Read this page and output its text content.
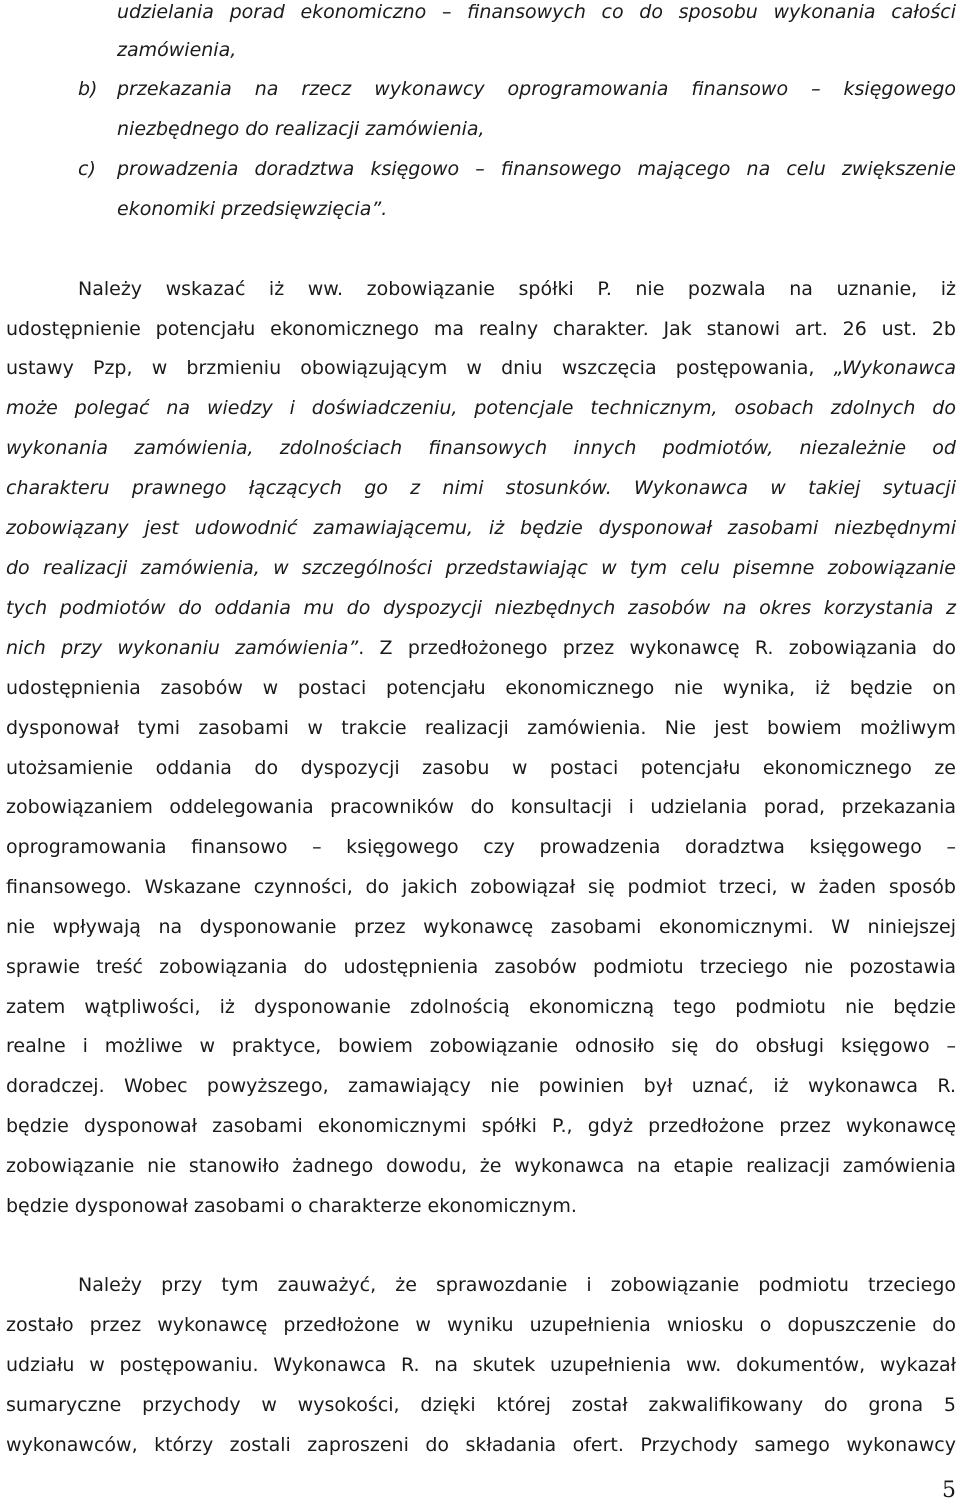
udzielania porad ekonomiczno – finansowych co do sposobu wykonania całości
zamówienia,
b)	przekazania na rzecz wykonawcy oprogramowania finansowo – księgowego
niezbędnego do realizacji zamówienia,
c)	prowadzenia doradztwa księgowo – finansowego mającego na celu zwiększenie
ekonomiki przedsięwzięcia”.
Należy wskazać iż ww. zobowiązanie spółki P. nie pozwala na uznanie, iż
udostępnienie potencjału ekonomicznego ma realny charakter. Jak stanowi art. 26 ust. 2b
ustawy Pzp, w brzmieniu obowiązującym w dniu wszczęcia postępowania, „Wykonawca
może polegać na wiedzy i doświadczeniu, potencjale technicznym, osobach zdolnych do
wykonania zamówienia, zdolnościach finansowych innych podmiotów, niezależnie od
charakteru prawnego łączących go z nimi stosunków. Wykonawca w takiej sytuacji
zobowiązany jest udowodnić zamawiającemu, iż będzie dysponował zasobami niezbędnymi
do realizacji zamówienia, w szczególności przedstawiając w tym celu pisemne zobowiązanie
tych podmiotów do oddania mu do dyspozycji niezbędnych zasobów na okres korzystania z
nich przy wykonaniu zamówienia”. Z przedłożonego przez wykonawcę R. zobowiązania do
udostępnienia zasobów w postaci potencjału ekonomicznego nie wynika, iż będzie on
dysponował tymi zasobami w trakcie realizacji zamówienia. Nie jest bowiem możliwym
utożsamienie oddania do dyspozycji zasobu w postaci potencjału ekonomicznego ze
zobowiązaniem oddelegowania pracowników do konsultacji i udzielania porad, przekazania
oprogramowania finansowo – księgowego czy prowadzenia doradztwa księgowego –
finansowego. Wskazane czynności, do jakich zobowiązał się podmiot trzeci, w żaden sposób
nie wpływają na dysponowanie przez wykonawcę zasobami ekonomicznymi. W niniejszej
sprawie treść zobowiązania do udostępnienia zasobów podmiotu trzeciego nie pozostawia
zatem wątpliwości, iż dysponowanie zdolnością ekonomiczną tego podmiotu nie będzie
realne i możliwe w praktyce, bowiem zobowiązanie odnosiło się do obsługi księgowo –
doradczej. Wobec powyższego, zamawiający nie powinien był uznać, iż wykonawca R.
będzie dysponował zasobami ekonomicznymi spółki P., gdyż przedłożone przez wykonawcę
zobowiązanie nie stanowiło żadnego dowodu, że wykonawca na etapie realizacji zamówienia
będzie dysponował zasobami o charakterze ekonomicznym.
Należy przy tym zauważyć, że sprawozdanie i zobowiązanie podmiotu trzeciego
zostało przez wykonawcę przedłożone w wyniku uzupełnienia wniosku o dopuszczenie do
udziału w postępowaniu. Wykonawca R. na skutek uzupełnienia ww. dokumentów, wykazał
sumaryczne przychody w wysokości, dzięki której został zakwalifikowany do grona 5
wykonawców, którzy zostali zaproszeni do składania ofert. Przychody samego wykonawcy
5
